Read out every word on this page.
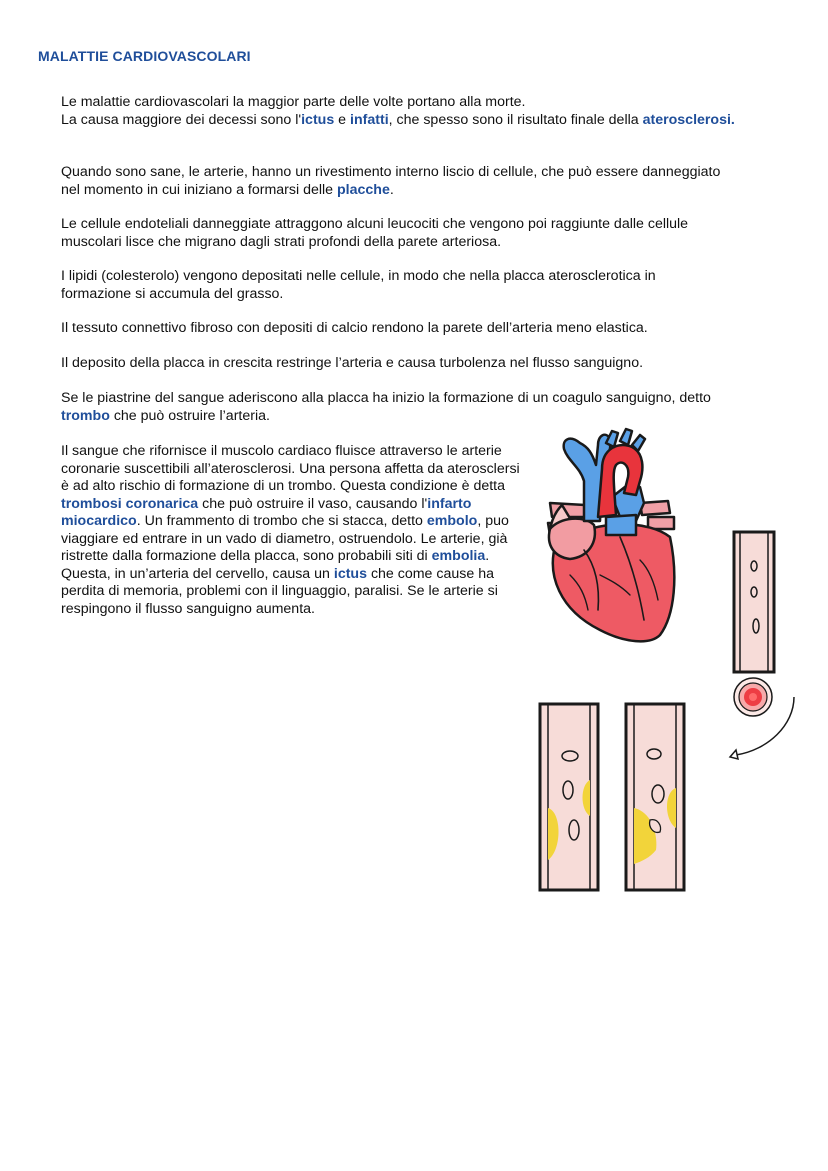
MALATTIE CARDIOVASCOLARI

Le malattie cardiovascolari la maggior parte delle volte portano alla morte.
La causa maggiore dei decessi sono l'ictus e infatti, che spesso sono il risultato finale della aterosclerosi.

Quando sono sane, le arterie, hanno un rivestimento interno liscio di cellule, che può essere danneggiato nel momento in cui iniziano a formarsi delle placche.

Le cellule endoteliali danneggiate attraggono alcuni leucociti che vengono poi raggiunte dalle cellule muscolari lisce che migrano dagli strati profondi della parete arteriosa.

I lipidi (colesterolo) vengono depositati nelle cellule, in modo che nella placca aterosclerotica in formazione si accumula del grasso.

Il tessuto connettivo fibroso con depositi di calcio rendono la parete dell’arteria meno elastica.

Il deposito della placca in crescita restringe l’arteria e causa turbolenza nel flusso sanguigno.

Se le piastrine del sangue aderiscono alla placca ha inizio la formazione di un coagulo sanguigno, detto trombo che può ostruire l’arteria.

Il sangue che rifornisce il muscolo cardiaco fluisce attraverso le arterie coronarie suscettibili all’aterosclerosi. Una persona affetta da aterosclersi è ad alto rischio di formazione di un trombo. Questa condizione è detta trombosi coronarica che può ostruire il vaso, causando l'infarto miocardico. Un frammento di trombo che si stacca, detto embolo, puo viaggiare ed entrare in un vado di diametro, ostruendolo. Le arterie, già ristrette dalla formazione della placca, sono probabili siti di embolia. Questa, in un’arteria del cervello, causa un ictus che come cause ha perdita di memoria, problemi con il linguaggio, paralisi. Se le arterie si respingono il flusso sanguigno aumenta.
